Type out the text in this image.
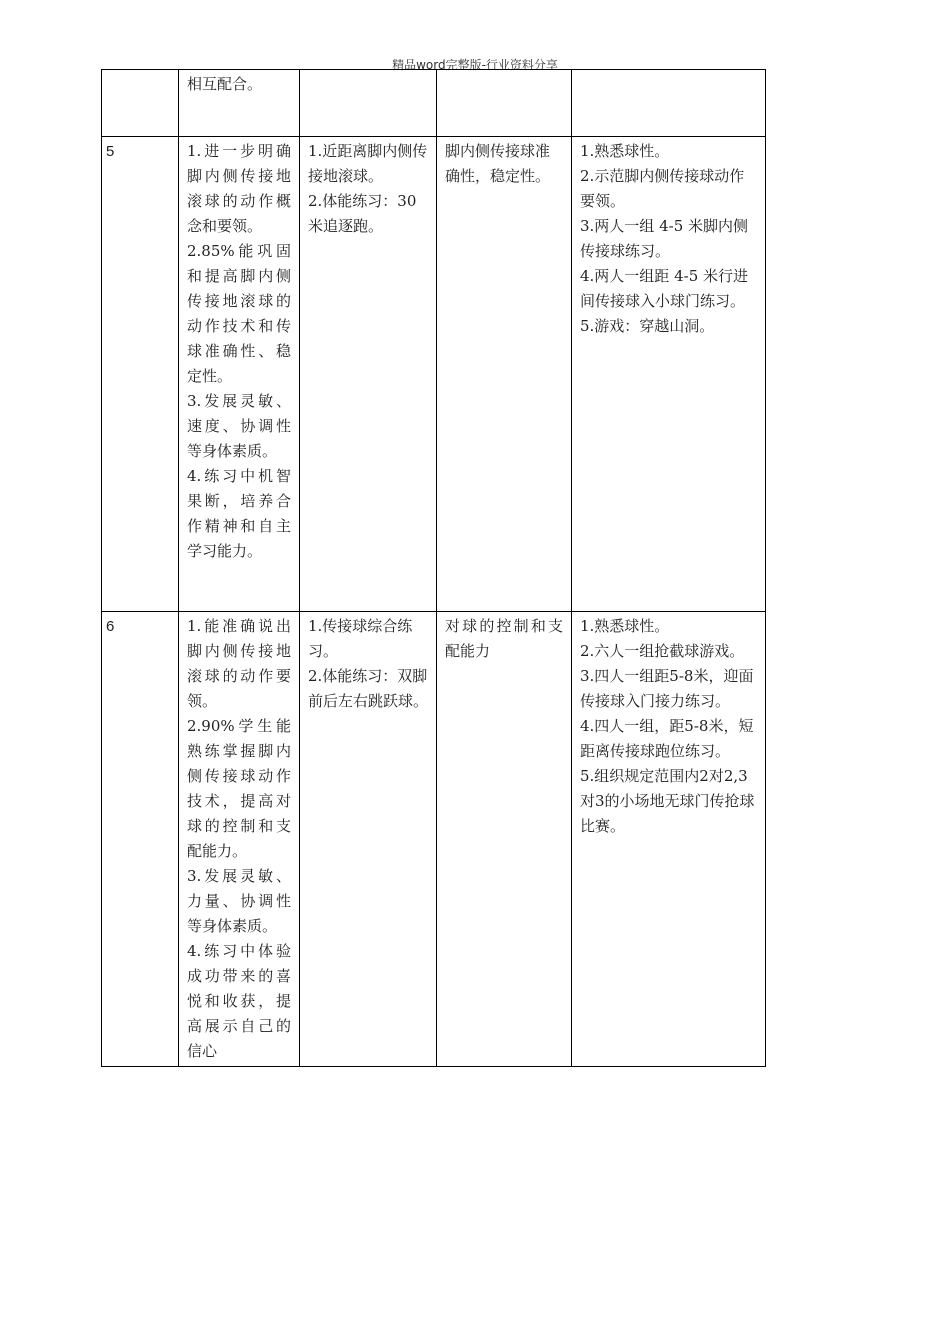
精品word完整版-行业资料分享

	相互配合。			

5	1.进一步明确脚内侧传接地滚球的动作概念和要领。
2.85%能巩固和提高脚内侧传接地滚球的动作技术和传球准确性、稳定性。
3.发展灵敏、速度、协调性等身体素质。
4.练习中机智果断，培养合作精神和自主学习能力。	1.近距离脚内侧传接地滚球。
2.体能练习：30米追逐跑。	脚内侧传接球准确性，稳定性。	1.熟悉球性。
2.示范脚内侧传接球动作要领。
3.两人一组 4-5 米脚内侧传接球练习。
4.两人一组距 4-5 米行进间传接球入小球门练习。
5.游戏：穿越山洞。

6	1.能准确说出脚内侧传接地滚球的动作要领。
2.90%学生能熟练掌握脚内侧传接球动作技术，提高对球的控制和支配能力。
3.发展灵敏、力量、协调性等身体素质。
4.练习中体验成功带来的喜悦和收获，提高展示自己的信心	1.传接球综合练习。
2.体能练习：双脚前后左右跳跃球。	对球的控制和支配能力	1.熟悉球性。
2.六人一组抢截球游戏。
3.四人一组距5-8米，迎面传接球入门接力练习。
4.四人一组，距5-8米，短距离传接球跑位练习。
5.组织规定范围内2对2,3对3的小场地无球门传抢球比赛。
